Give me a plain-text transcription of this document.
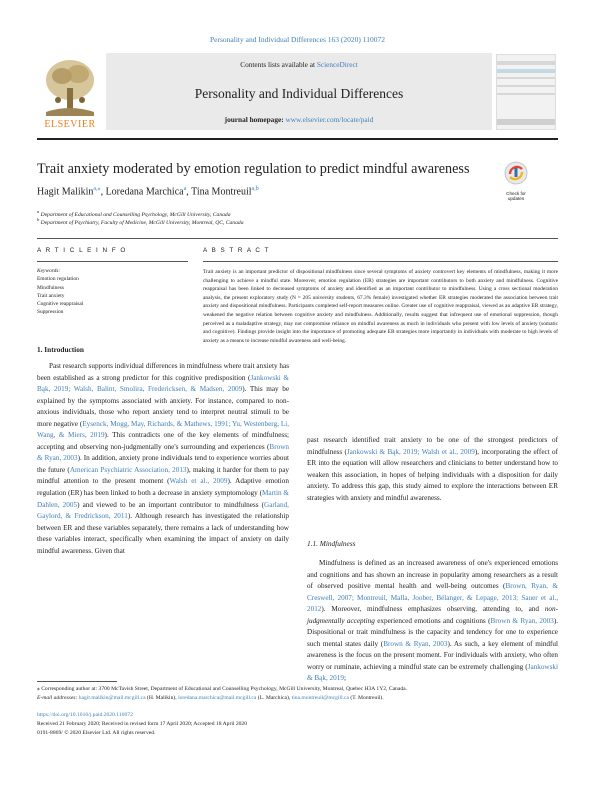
Personality and Individual Differences 163 (2020) 110072
Contents lists available at ScienceDirect
Personality and Individual Differences
journal homepage: www.elsevier.com/locate/paid
ELSEVIER
Trait anxiety moderated by emotion regulation to predict mindful awareness
Hagit Malikin$^{a,⁎}$, Loredana Marchica$^a$, Tina Montreuil$^{a,b}$
Check for updates
$^a$ Department of Educational and Counselling Psychology, McGill University, Canada
$^b$ Department of Psychiatry, Faculty of Medicine, McGill University, Montreal, QC, Canada
A R T I C L E I N F O	A B S T R A C T
Keywords:
Emotion regulation
Mindfulness
Trait anxiety
Cognitive reappraisal
Suppression
Trait anxiety is an important predictor of dispositional mindfulness since several symptoms of anxiety controvert key elements of mindfulness, making it more challenging to achieve a mindful state. Moreover, emotion regulation (ER) strategies are important contributors to both anxiety and mindfulness. Cognitive reappraisal has been linked to decreased symptoms of anxiety and identified as an important contributor to mindfulness. Using a cross sectional moderation analysis, the present exploratory study (N = 205 university students, 67.3% female) investigated whether ER strategies moderated the association between trait anxiety and dispositional mindfulness. Participants completed self-report measures online. Greater use of cognitive reappraisal, viewed as an adaptive ER strategy, weakened the negative relation between cognitive anxiety and mindfulness. Additionally, results suggest that infrequent use of emotional suppression, though perceived as a maladaptive strategy, may not compromise reliance on mindful awareness as much in individuals who present with low levels of anxiety (somatic and cognitive). Findings provide insight into the importance of promoting adequate ER strategies more importantly in individuals with moderate to high levels of anxiety as a means to increase mindful awareness and well-being.
1. Introduction

Past research supports individual differences in mindfulness where trait anxiety has been established as a strong predictor for this cognitive predisposition (Jankowski & Bąk, 2019; Walsh, Balint, Smolira, Fredericksen, & Madsen, 2009). This may be explained by the symptoms associated with anxiety. For instance, compared to non-anxious individuals, those who report anxiety tend to interpret neutral stimuli to be more negative (Eysenck, Mogg, May, Richards, & Mathews, 1991; Yu, Westenberg, Li, Wang, & Miers, 2019). This contradicts one of the key elements of mindfulness; accepting and observing non-judgmentally one's surrounding and experiences (Brown & Ryan, 2003). In addition, anxiety prone individuals tend to experience worries about the future (American Psychiatric Association, 2013), making it harder for them to pay mindful attention to the present moment (Walsh et al., 2009). Adaptive emotion regulation (ER) has been linked to both a decrease in anxiety symptomology (Martin & Dahlen, 2005) and viewed to be an important contributor to mindfulness (Garland, Gaylord, & Fredrickson, 2011). Although research has investigated the relationship between ER and these variables separately, there remains a lack of understanding how these variables interact, specifically when examining the impact of anxiety on daily mindful awareness. Given that

past research identified trait anxiety to be one of the strongest predictors of mindfulness (Jankowski & Bąk, 2019; Walsh et al., 2009), incorporating the effect of ER into the equation will allow researchers and clinicians to better understand how to weaken this association, in hopes of helping individuals with a disposition for daily anxiety. To address this gap, this study aimed to explore the interactions between ER strategies with anxiety and mindful awareness.

1.1. Mindfulness

Mindfulness is defined as an increased awareness of one's experienced emotions and cognitions and has shown an increase in popularity among researchers as a result of observed positive mental health and well-being outcomes (Brown, Ryan, & Creswell, 2007; Montreuil, Malla, Joober, Bélanger, & Lepage, 2013; Sauer et al., 2012). Moreover, mindfulness emphasizes observing, attending to, and non-judgmentally accepting experienced emotions and cognitions (Brown & Ryan, 2003). Dispositional or trait mindfulness is the capacity and tendency for one to experience such mental states daily (Brown & Ryan, 2003). As such, a key element of mindful awareness is the focus on the present moment. For individuals with anxiety, who often worry or ruminate, achieving a mindful state can be extremely challenging (Jankowski & Bąk, 2019;

⁎ Corresponding author at: 3700 McTavish Street, Department of Educational and Counselling Psychology, McGill University, Montreal, Quebec H3A 1Y2, Canada.
E-mail addresses: hagit.malikin@mail.mcgill.ca (H. Malikin), loredana.marchica@mail.mcgill.ca (L. Marchica), tina.montreuil@mcgill.ca (T. Montreuil).
https://doi.org/10.1016/j.paid.2020.110072
Received 21 February 2020; Received in revised form 17 April 2020; Accepted 18 April 2020
0191-8869/ © 2020 Elsevier Ltd. All rights reserved.
